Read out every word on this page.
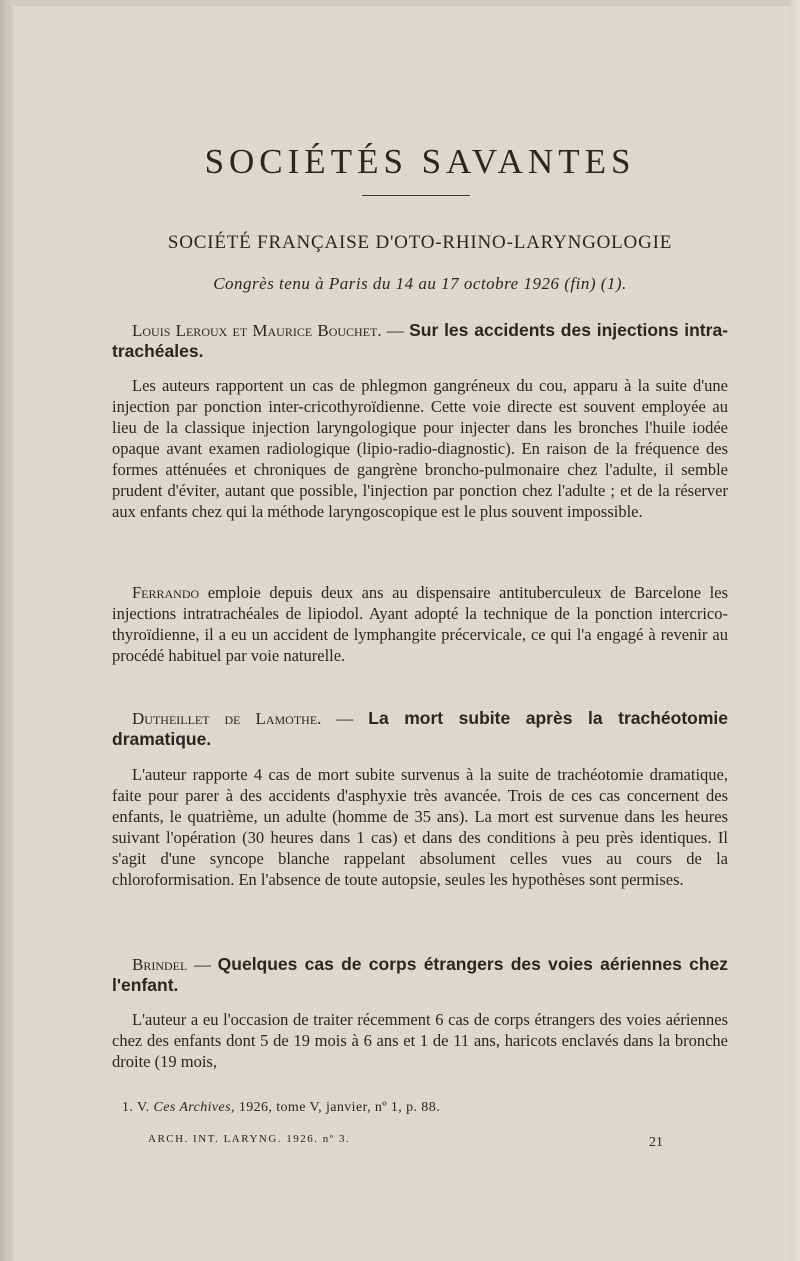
SOCIÉTÉS SAVANTES

SOCIÉTÉ FRANÇAISE D'OTO-RHINO-LARYNGOLOGIE

Congrès tenu à Paris du 14 au 17 octobre 1926 (fin) (1).

Louis Leroux et Maurice Bouchet. — Sur les accidents des injections intra-trachéales.

Les auteurs rapportent un cas de phlegmon gangréneux du cou, apparu à la suite d'une injection par ponction inter-cricothyroïdienne. Cette voie directe est souvent employée au lieu de la classique injection laryngologique pour injecter dans les bronches l'huile iodée opaque avant examen radiologique (lipio-radio-diagnostic). En raison de la fréquence des formes atténuées et chroniques de gangrène broncho-pulmonaire chez l'adulte, il semble prudent d'éviter, autant que possible, l'injection par ponction chez l'adulte ; et de la réserver aux enfants chez qui la méthode laryngoscopique est le plus souvent impossible.

Ferrando emploie depuis deux ans au dispensaire antituberculeux de Barcelone les injections intratrachéales de lipiodol. Ayant adopté la technique de la ponction intercrico-thyroïdienne, il a eu un accident de lymphangite précervicale, ce qui l'a engagé à revenir au procédé habituel par voie naturelle.

Dutheillet de Lamothe. — La mort subite après la trachéotomie dramatique.

L'auteur rapporte 4 cas de mort subite survenus à la suite de trachéotomie dramatique, faite pour parer à des accidents d'asphyxie très avancée. Trois de ces cas concernent des enfants, le quatrième, un adulte (homme de 35 ans). La mort est survenue dans les heures suivant l'opération (30 heures dans 1 cas) et dans des conditions à peu près identiques. Il s'agit d'une syncope blanche rappelant absolument celles vues au cours de la chloroformisation. En l'absence de toute autopsie, seules les hypothèses sont permises.

Brindel — Quelques cas de corps étrangers des voies aériennes chez l'enfant.

L'auteur a eu l'occasion de traiter récemment 6 cas de corps étrangers des voies aériennes chez des enfants dont 5 de 19 mois à 6 ans et 1 de 11 ans, haricots enclavés dans la bronche droite (19 mois,

1. V. Ces Archives, 1926, tome V, janvier, nº 1, p. 88.

ARCH. INT. LARYNG. 1926. nº 3.	21
